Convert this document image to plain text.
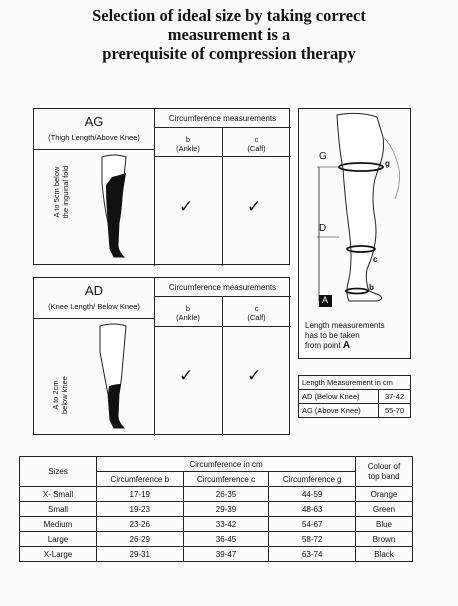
Selection of ideal size by taking correct
measurement is a
prerequisite of compression therapy
AG
(Thigh Length/Above Knee)
Circumference measurements
b
(Ankle)
c
(Calf)
✓	✓
A to 5cm below the inguinal fold
AD
(Knee Length/ Below Knee)
Circumference measurements
b
(Ankle)
c
(Calf)
✓	✓
A to 2cm below knee
G
g
D
c
b
A
Length measurements
has to be taken
from point A
Length Measurement in cm	
AD (Below Knee)	37-42
AG (Above Knee)	55-70
Sizes	Circumference in cm			Colour of
top band

	Circumference b	Circumference c	Circumference g	
X- Small	17-19	26-35	44-59	Orange
Small	19-23	29-39	48-63	Green
Medium	23-26	33-42	54-67	Blue
Large	26-29	36-45	58-72	Brown
X-Large	29-31	39-47	63-74	Black
